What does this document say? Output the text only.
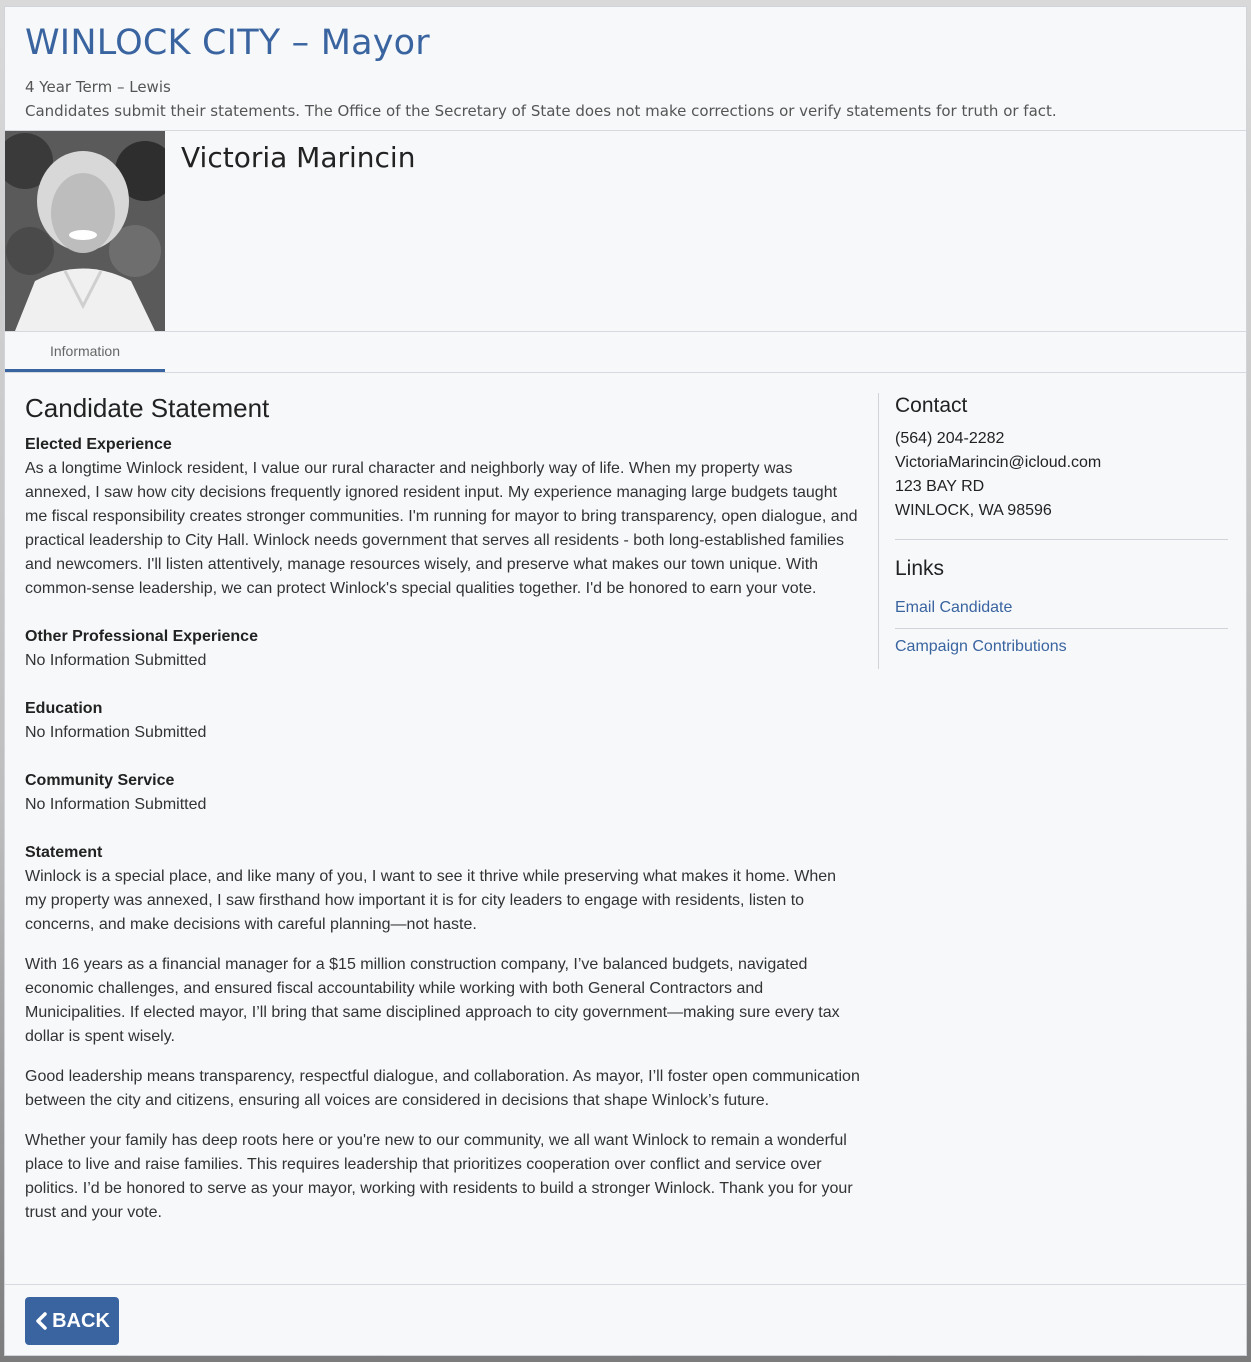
WINLOCK CITY – Mayor
4 Year Term – Lewis
Candidates submit their statements. The Office of the Secretary of State does not make corrections or verify statements for truth or fact.
Victoria Marincin
Information
Candidate Statement
Elected Experience

As a longtime Winlock resident, I value our rural character and neighborly way of life. When my property was annexed, I saw how city decisions frequently ignored resident input. My experience managing large budgets taught me fiscal responsibility creates stronger communities. I'm running for mayor to bring transparency, open dialogue, and practical leadership to City Hall. Winlock needs government that serves all residents - both long-established families and newcomers. I'll listen attentively, manage resources wisely, and preserve what makes our town unique. With common-sense leadership, we can protect Winlock's special qualities together. I'd be honored to earn your vote.

Other Professional Experience

No Information Submitted

Education

No Information Submitted

Community Service

No Information Submitted

Statement

Winlock is a special place, and like many of you, I want to see it thrive while preserving what makes it home. When my property was annexed, I saw firsthand how important it is for city leaders to engage with residents, listen to concerns, and make decisions with careful planning—not haste.

With 16 years as a financial manager for a $15 million construction company, I’ve balanced budgets, navigated economic challenges, and ensured fiscal accountability while working with both General Contractors and Municipalities. If elected mayor, I’ll bring that same disciplined approach to city government—making sure every tax dollar is spent wisely.

Good leadership means transparency, respectful dialogue, and collaboration. As mayor, I’ll foster open communication between the city and citizens, ensuring all voices are considered in decisions that shape Winlock’s future.

Whether your family has deep roots here or you're new to our community, we all want Winlock to remain a wonderful place to live and raise families. This requires leadership that prioritizes cooperation over conflict and service over politics. I’d be honored to serve as your mayor, working with residents to build a stronger Winlock. Thank you for your trust and your vote.

Contact
(564) 204-2282
VictoriaMarincin@icloud.com
123 BAY RD
WINLOCK, WA 98596
Links
Email Candidate
Campaign Contributions
BACK
